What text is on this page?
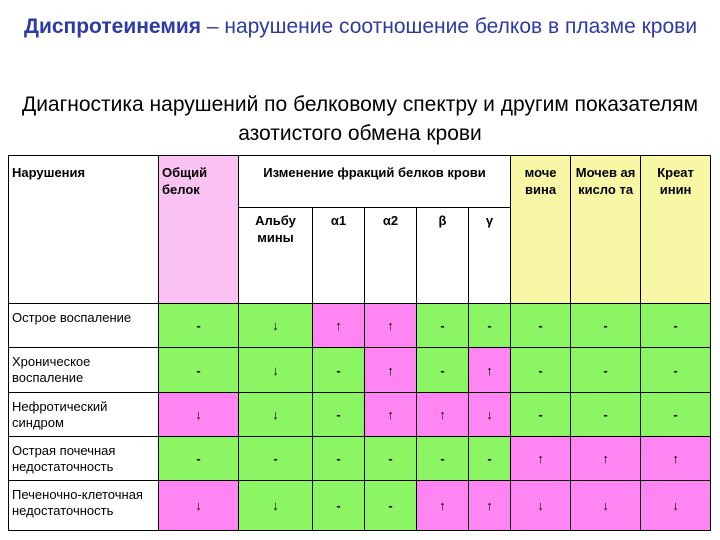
Диспротеинемия – нарушение соотношение белков в плазме крови
Диагностика нарушений по белковому спектру и другим показателям азотистого обмена крови
Нарушения	Общий белок	Изменение фракций белков крови					моче вина	Мочев ая кисло та	Креат инин
		Альбу мины	α1	α2	β	γ			
Острое воспаление	-	↓	↑	↑	-	-	-	-	-
Хроническое воспаление	-	↓	-	↑	-	↑	-	-	-
Нефротический синдром	↓	↓	-	↑	↑	↓	-	-	-
Острая почечная недостаточность	-	-	-	-	-	-	↑	↑	↑
Печеночно-клеточная недостаточность	↓	↓	-	-	↑	↑	↓	↓	↓
